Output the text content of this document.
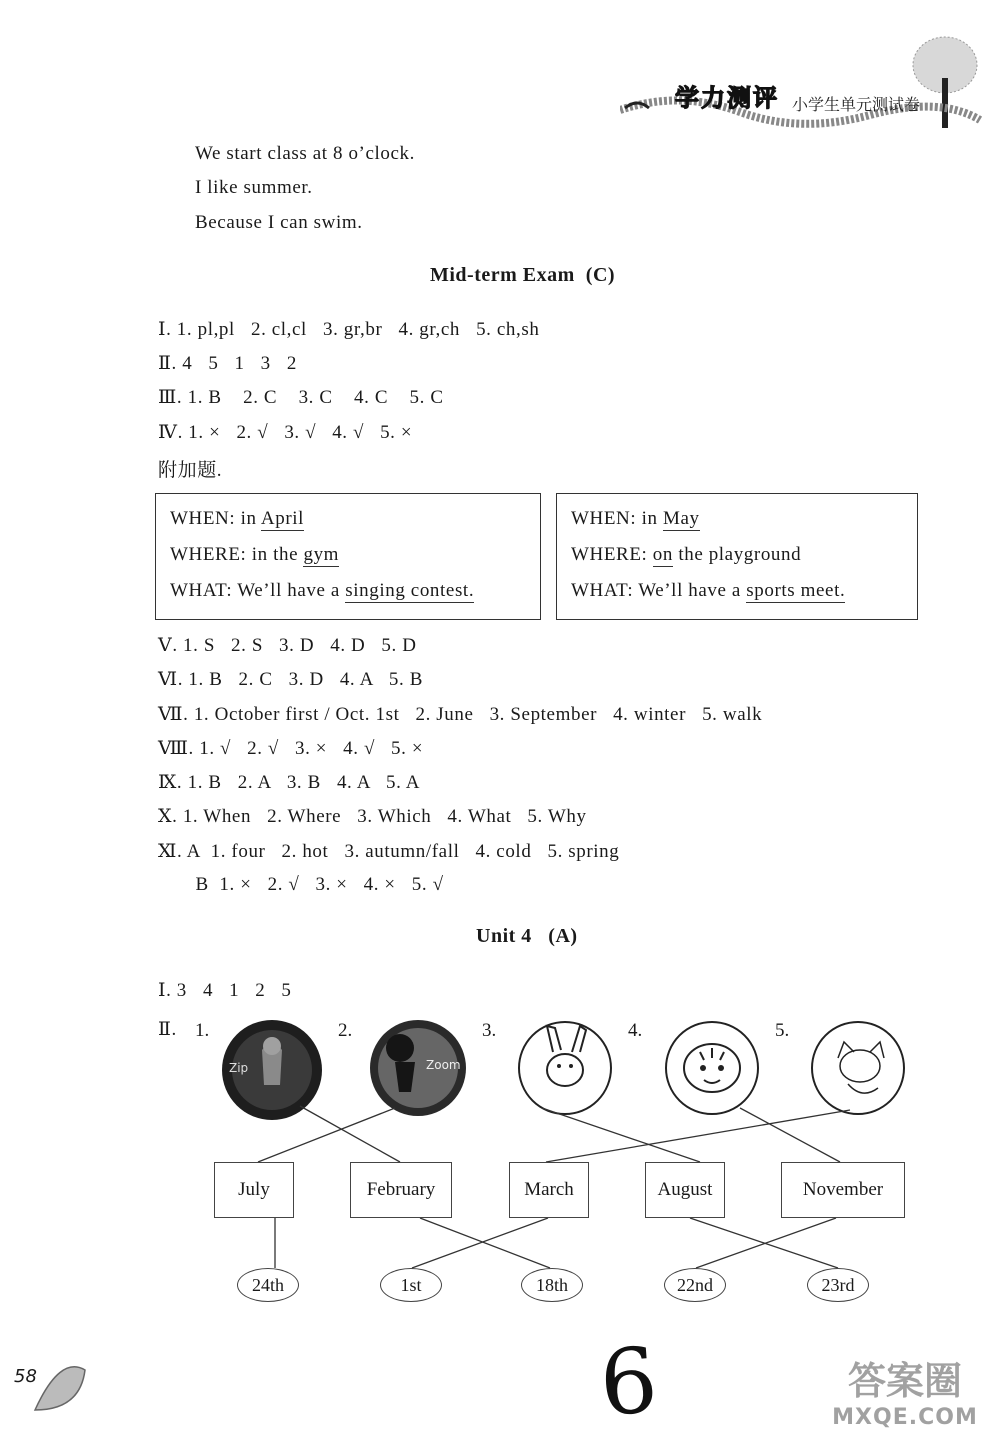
学力测评 小学生单元测试卷
We start class at 8 o’clock.
I like summer.
Because I can swim.
Mid-term Exam  (C)
Ⅰ. 1. pl,pl   2. cl,cl   3. gr,br   4. gr,ch   5. ch,sh
Ⅱ. 4   5   1   3   2
Ⅲ. 1. B    2. C    3. C    4. C    5. C
Ⅳ. 1. ×   2. √   3. √   4. √   5. ×
附加题.
WHEN: in April
WHERE: in the gym
WHAT: We’ll have a singing contest.
WHEN: in May
WHERE: on the playground
WHAT: We’ll have a sports meet.
Ⅴ. 1. S   2. S   3. D   4. D   5. D
Ⅵ. 1. B   2. C   3. D   4. A   5. B
Ⅶ. 1. October first / Oct. 1st   2. June   3. September   4. winter   5. walk
Ⅷ. 1. √   2. √   3. ×   4. √   5. ×
Ⅸ. 1. B   2. A   3. B   4. A   5. A
Ⅹ. 1. When   2. Where   3. Which   4. What   5. Why
Ⅺ. A  1. four   2. hot   3. autumn/fall   4. cold   5. spring
B  1. ×   2. √   3. ×   4. ×   5. √
Unit 4   (A)
Ⅰ. 3   4   1   2   5
Ⅱ. 1.	2.	3.	4.	5.
Zip	Zoom
July	February	March	August	November
24th	1st	18th	22nd	23rd
58	6	答案圈
MXQE.COM
